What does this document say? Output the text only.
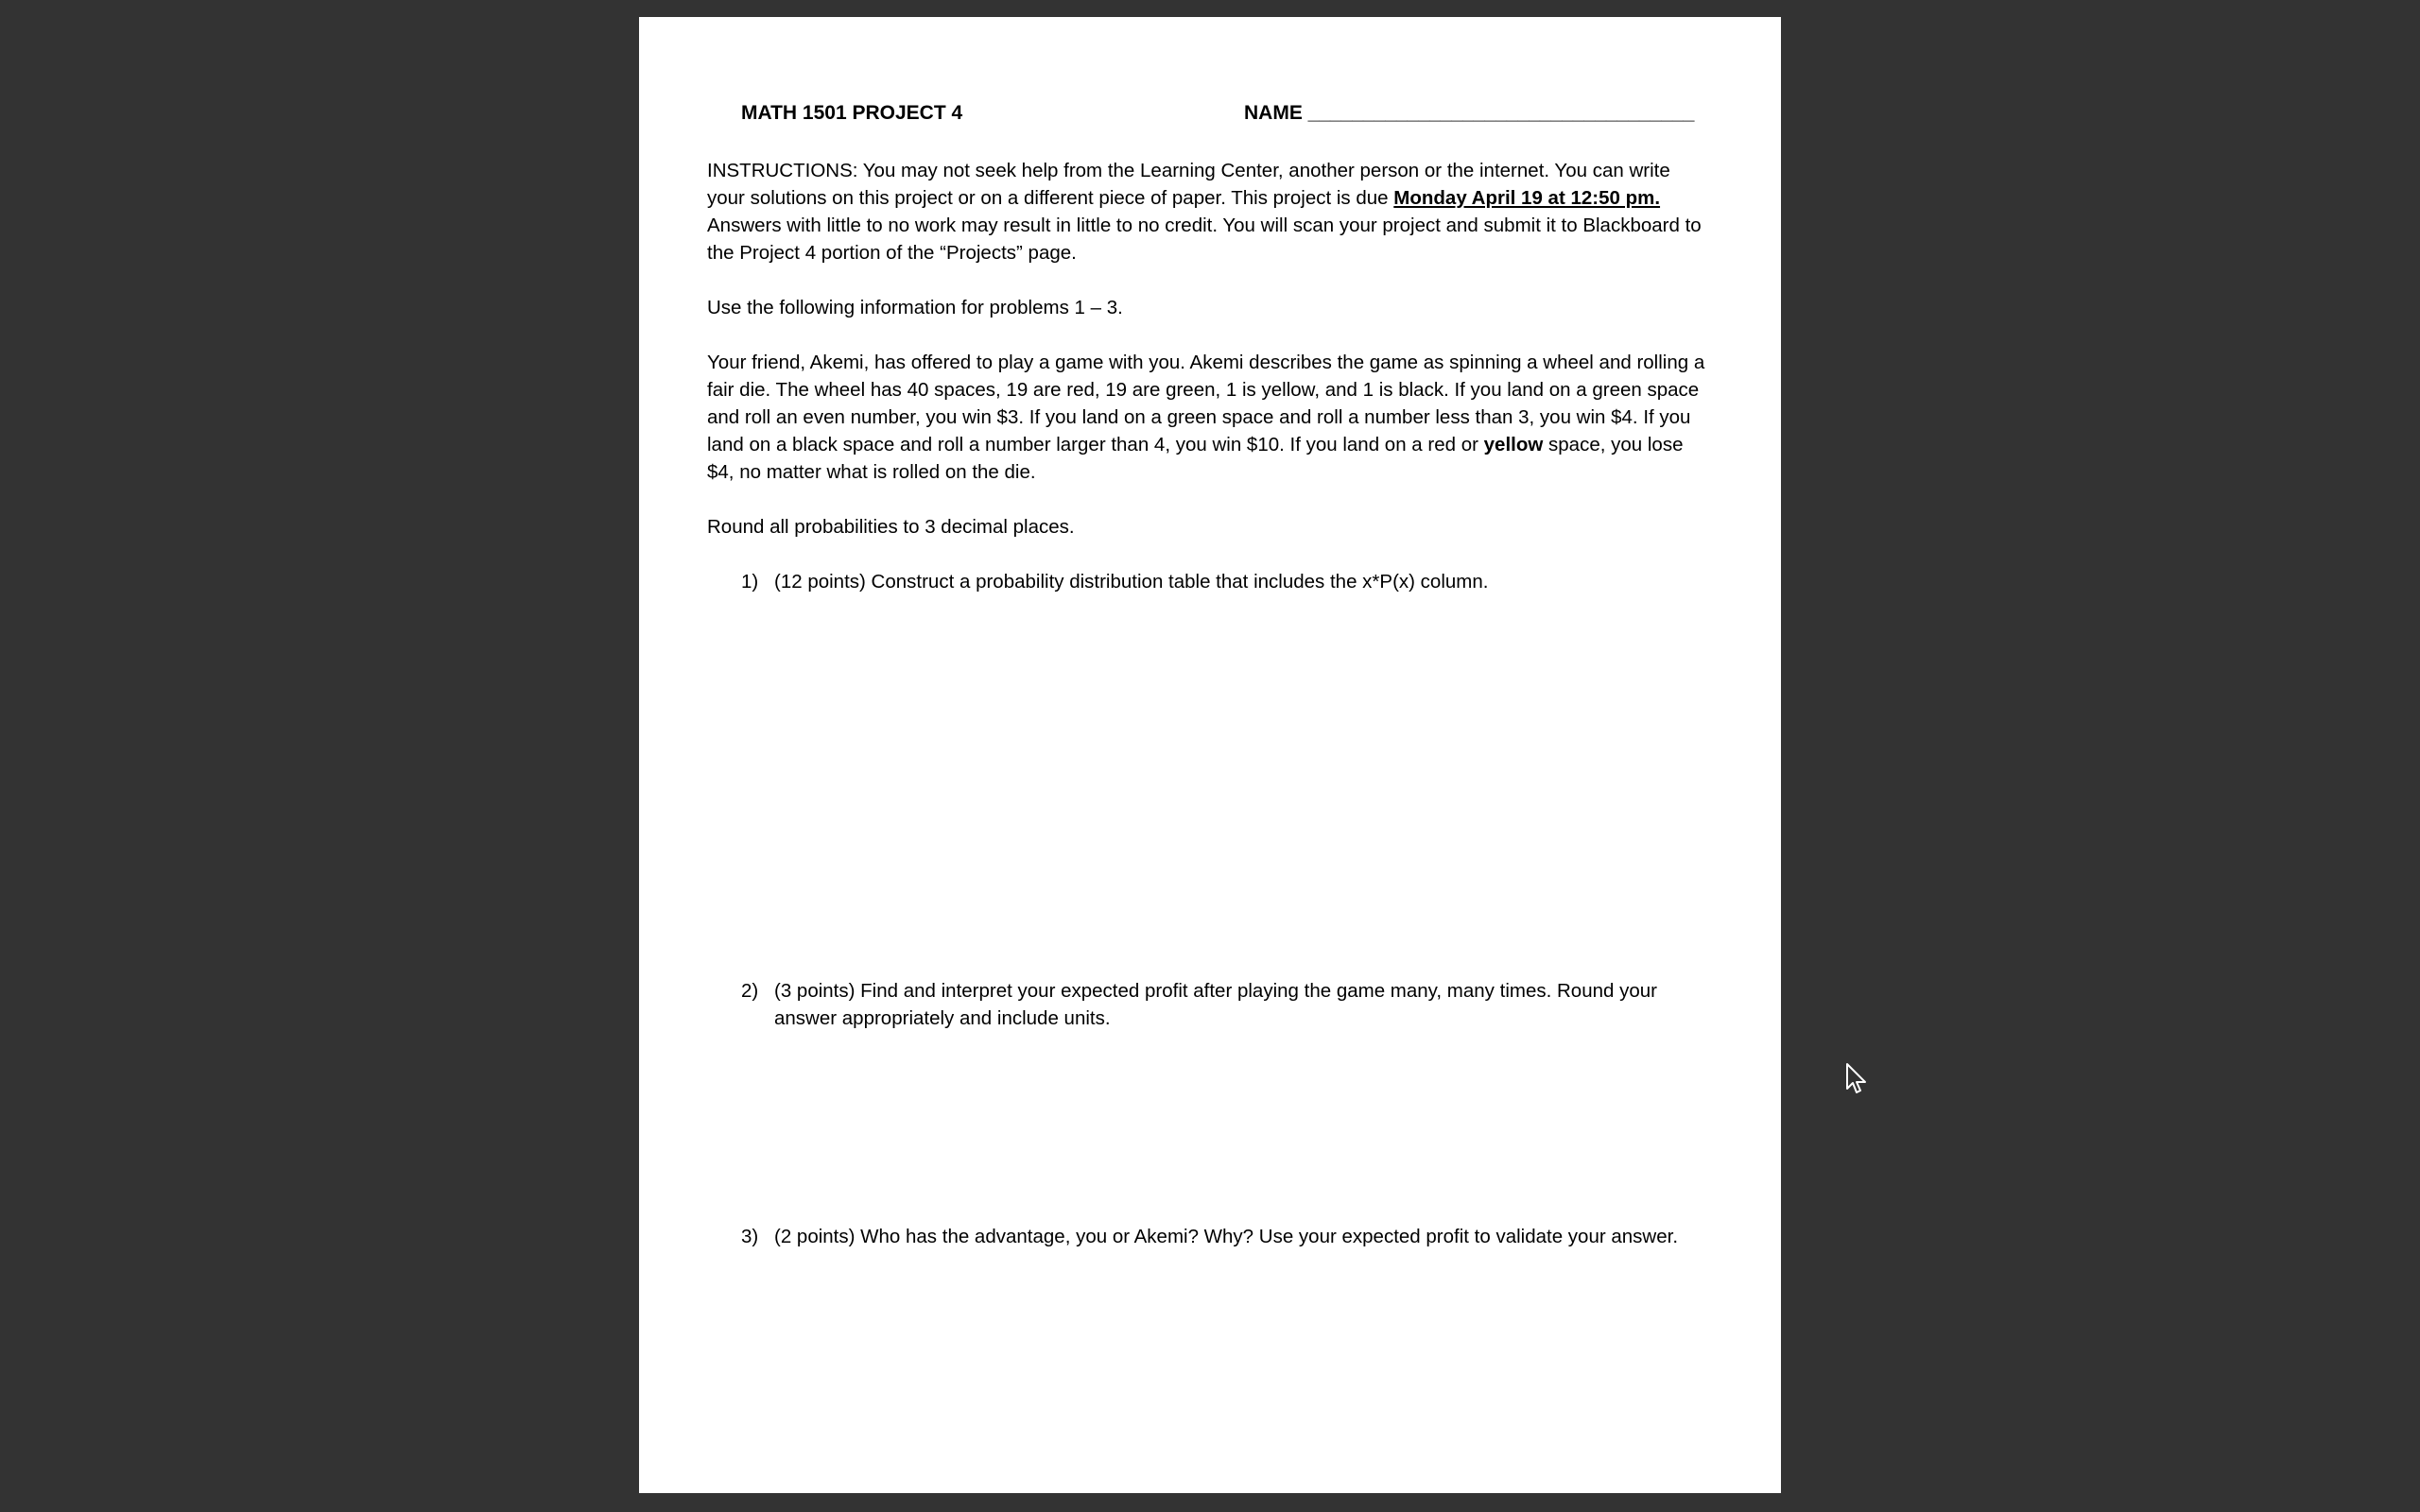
MATH 1501 PROJECT 4	NAME ___________________________________

INSTRUCTIONS: You may not seek help from the Learning Center, another person or the internet. You can write your solutions on this project or on a different piece of paper. This project is due Monday April 19 at 12:50 pm. Answers with little to no work may result in little to no credit. You will scan your project and submit it to Blackboard to the Project 4 portion of the “Projects” page.

Use the following information for problems 1 – 3.

Your friend, Akemi, has offered to play a game with you. Akemi describes the game as spinning a wheel and rolling a fair die. The wheel has 40 spaces, 19 are red, 19 are green, 1 is yellow, and 1 is black. If you land on a green space and roll an even number, you win $3. If you land on a green space and roll a number less than 3, you win $4. If you land on a black space and roll a number larger than 4, you win $10. If you land on a red or yellow space, you lose $4, no matter what is rolled on the die.

Round all probabilities to 3 decimal places.

1) (12 points) Construct a probability distribution table that includes the x*P(x) column.
2) (3 points) Find and interpret your expected profit after playing the game many, many times. Round your answer appropriately and include units.
3) (2 points) Who has the advantage, you or Akemi? Why? Use your expected profit to validate your answer.
